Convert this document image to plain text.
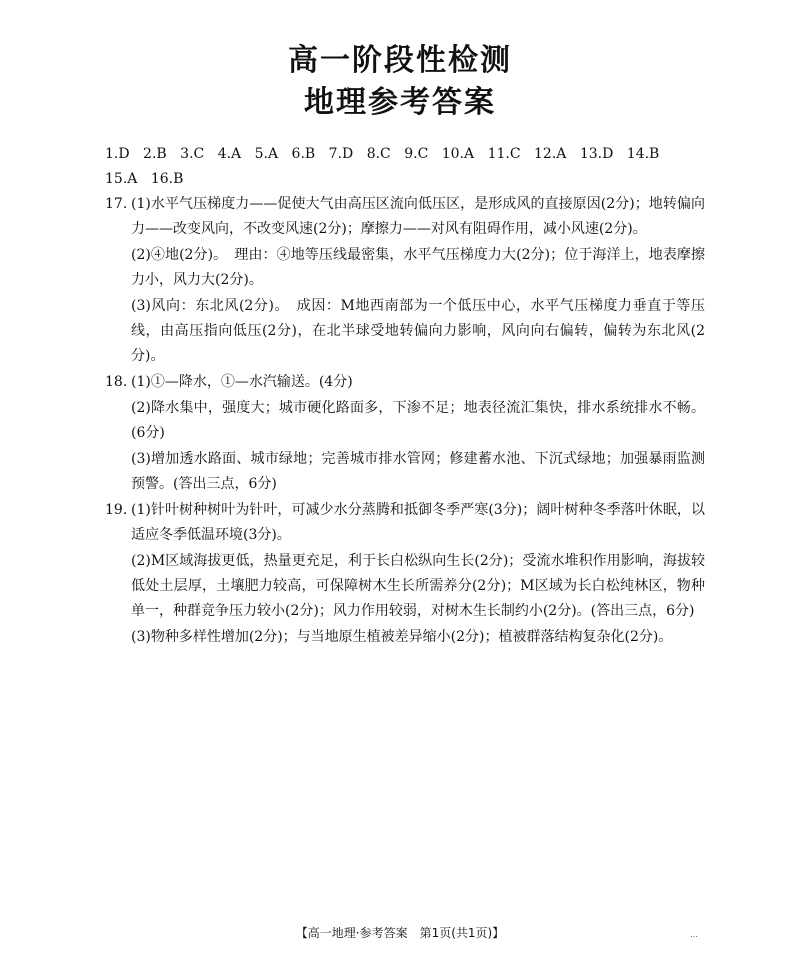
高一阶段性检测
地理参考答案
1.D 2.B 3.C 4.A 5.A 6.B 7.D 8.C 9.C 10.A 11.C 12.A 13.D 14.B
15.A 16.B
17. (1)水平气压梯度力——促使大气由高压区流向低压区，是形成风的直接原因(2分)；地转偏向力——改变风向，不改变风速(2分)；摩擦力——对风有阻碍作用，减小风速(2分)。
(2)④地(2分)。　理由：④地等压线最密集，水平气压梯度力大(2分)；位于海洋上，地表摩擦力小，风力大(2分)。
(3)风向：东北风(2分)。　成因：M地西南部为一个低压中心，水平气压梯度力垂直于等压线，由高压指向低压(2分)，在北半球受地转偏向力影响，风向向右偏转，偏转为东北风(2分)。
18. (1)①—降水，①—水汽输送。(4分)
(2)降水集中，强度大；城市硬化路面多，下渗不足；地表径流汇集快，排水系统排水不畅。(6分)
(3)增加透水路面、城市绿地；完善城市排水管网；修建蓄水池、下沉式绿地；加强暴雨监测预警。(答出三点，6分)
19. (1)针叶树种树叶为针叶，可减少水分蒸腾和抵御冬季严寒(3分)；阔叶树种冬季落叶休眠，以适应冬季低温环境(3分)。
(2)M区域海拔更低，热量更充足，利于长白松纵向生长(2分)；受流水堆积作用影响，海拔较低处土层厚，土壤肥力较高，可保障树木生长所需养分(2分)；M区域为长白松纯林区，物种单一，种群竞争压力较小(2分)；风力作用较弱，对树木生长制约小(2分)。(答出三点，6分)
(3)物种多样性增加(2分)；与当地原生植被差异缩小(2分)；植被群落结构复杂化(2分)。
【高一地理·参考答案　第1页(共1页)】	…
